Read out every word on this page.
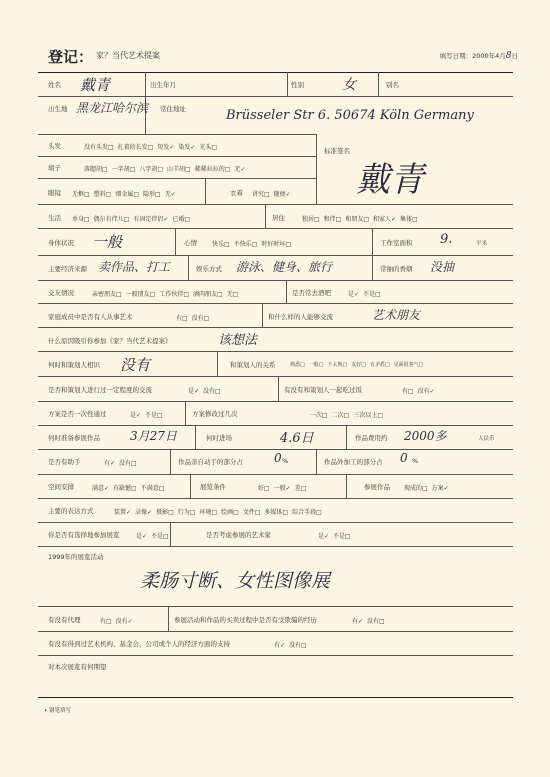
登记： 家？当代艺术提案	填写日期：2000年4月8日
姓名 戴青	出生年月	性别	女	别名
出生地 黑龙江哈尔滨 常住地址	Brüsseler Str 6. 50674 Köln Germany
标准签名
戴青
头发	没有头发□ 扎着的长发□ 短发✓ 染发✓ 光头□
胡子	落腮胡□ 一字胡□ 八字胡□ 山羊胡□ 稀稀拉拉的□ 无✓
眼镜 无框□ 塑料□ 细金属□ 隐形□ 无✓	衣着 讲究□ 随便✓
生活 单身□ 偶尔有伴儿□ 有固定伴侣✓ 已婚□	居住	独居□ 和伴□ 和朋友□ 和家人✓ 集体□
身体状况 一般	心情	快乐□ 不快乐□ 时好时坏□	工作室面积 9.	平米
主要经济来源 卖作品、打工	娱乐方式 游泳、健身、旅行	常抽的香烟 没抽
交友情况	亲密朋友□ 一般朋友□ 工作伙伴□ 酒肉朋友□ 无□	是否常去酒吧	是✓ 不是□
家庭成员中是否有人从事艺术	有□ 没有□	和什么样的人能够交流	艺术朋友
什么原因吸引你参加《家？当代艺术提案》	该想法
何时和策划人相识 没有	和策划人的关系	熟悉□ 一般□ 不太熟□ 友好□ 有矛盾□ 见面很客气□
是否和策划人进行过一定程度的交流	是✓ 没有□	有没有和策划人一起吃过饭	有□ 没有✓
方案是否一次性通过	是✓ 不是□	方案修改过几次	一次□ 二次□ 三次以上□
何时准备参展作品	3月27日	何时进场	4.6日	作品费用约 2000多	人民币
是否有助手	有✓ 没有□	作品亲自动手的部分占	0 %	作品外加工的部分占 0 %
空间安排	满意✓ 有缺憾□ 不满意□	展览条件	好□ 一般✓ 差□	参展作品 现成的□ 方案✓
主要的表达方式	装置✓ 录像✓ 摄影□ 行为□ 环境□ 绘画□ 文件□ 多媒体□ 综合手段□
你是否有选择地参加展览	是✓ 不是□	是否考虑参展的艺术家	是✓ 不是□
1999年的展览活动
柔肠寸断、女性图像展
有没有代理	有□ 没有✓	参展活动和作品的买卖过程中是否有受欺骗的经历	有✓ 没有□
有没有得到过艺术机构、基金会、公司或个人的经济方面的支持	有✓ 没有□
对本次展览有何期望
• 钢笔填写
